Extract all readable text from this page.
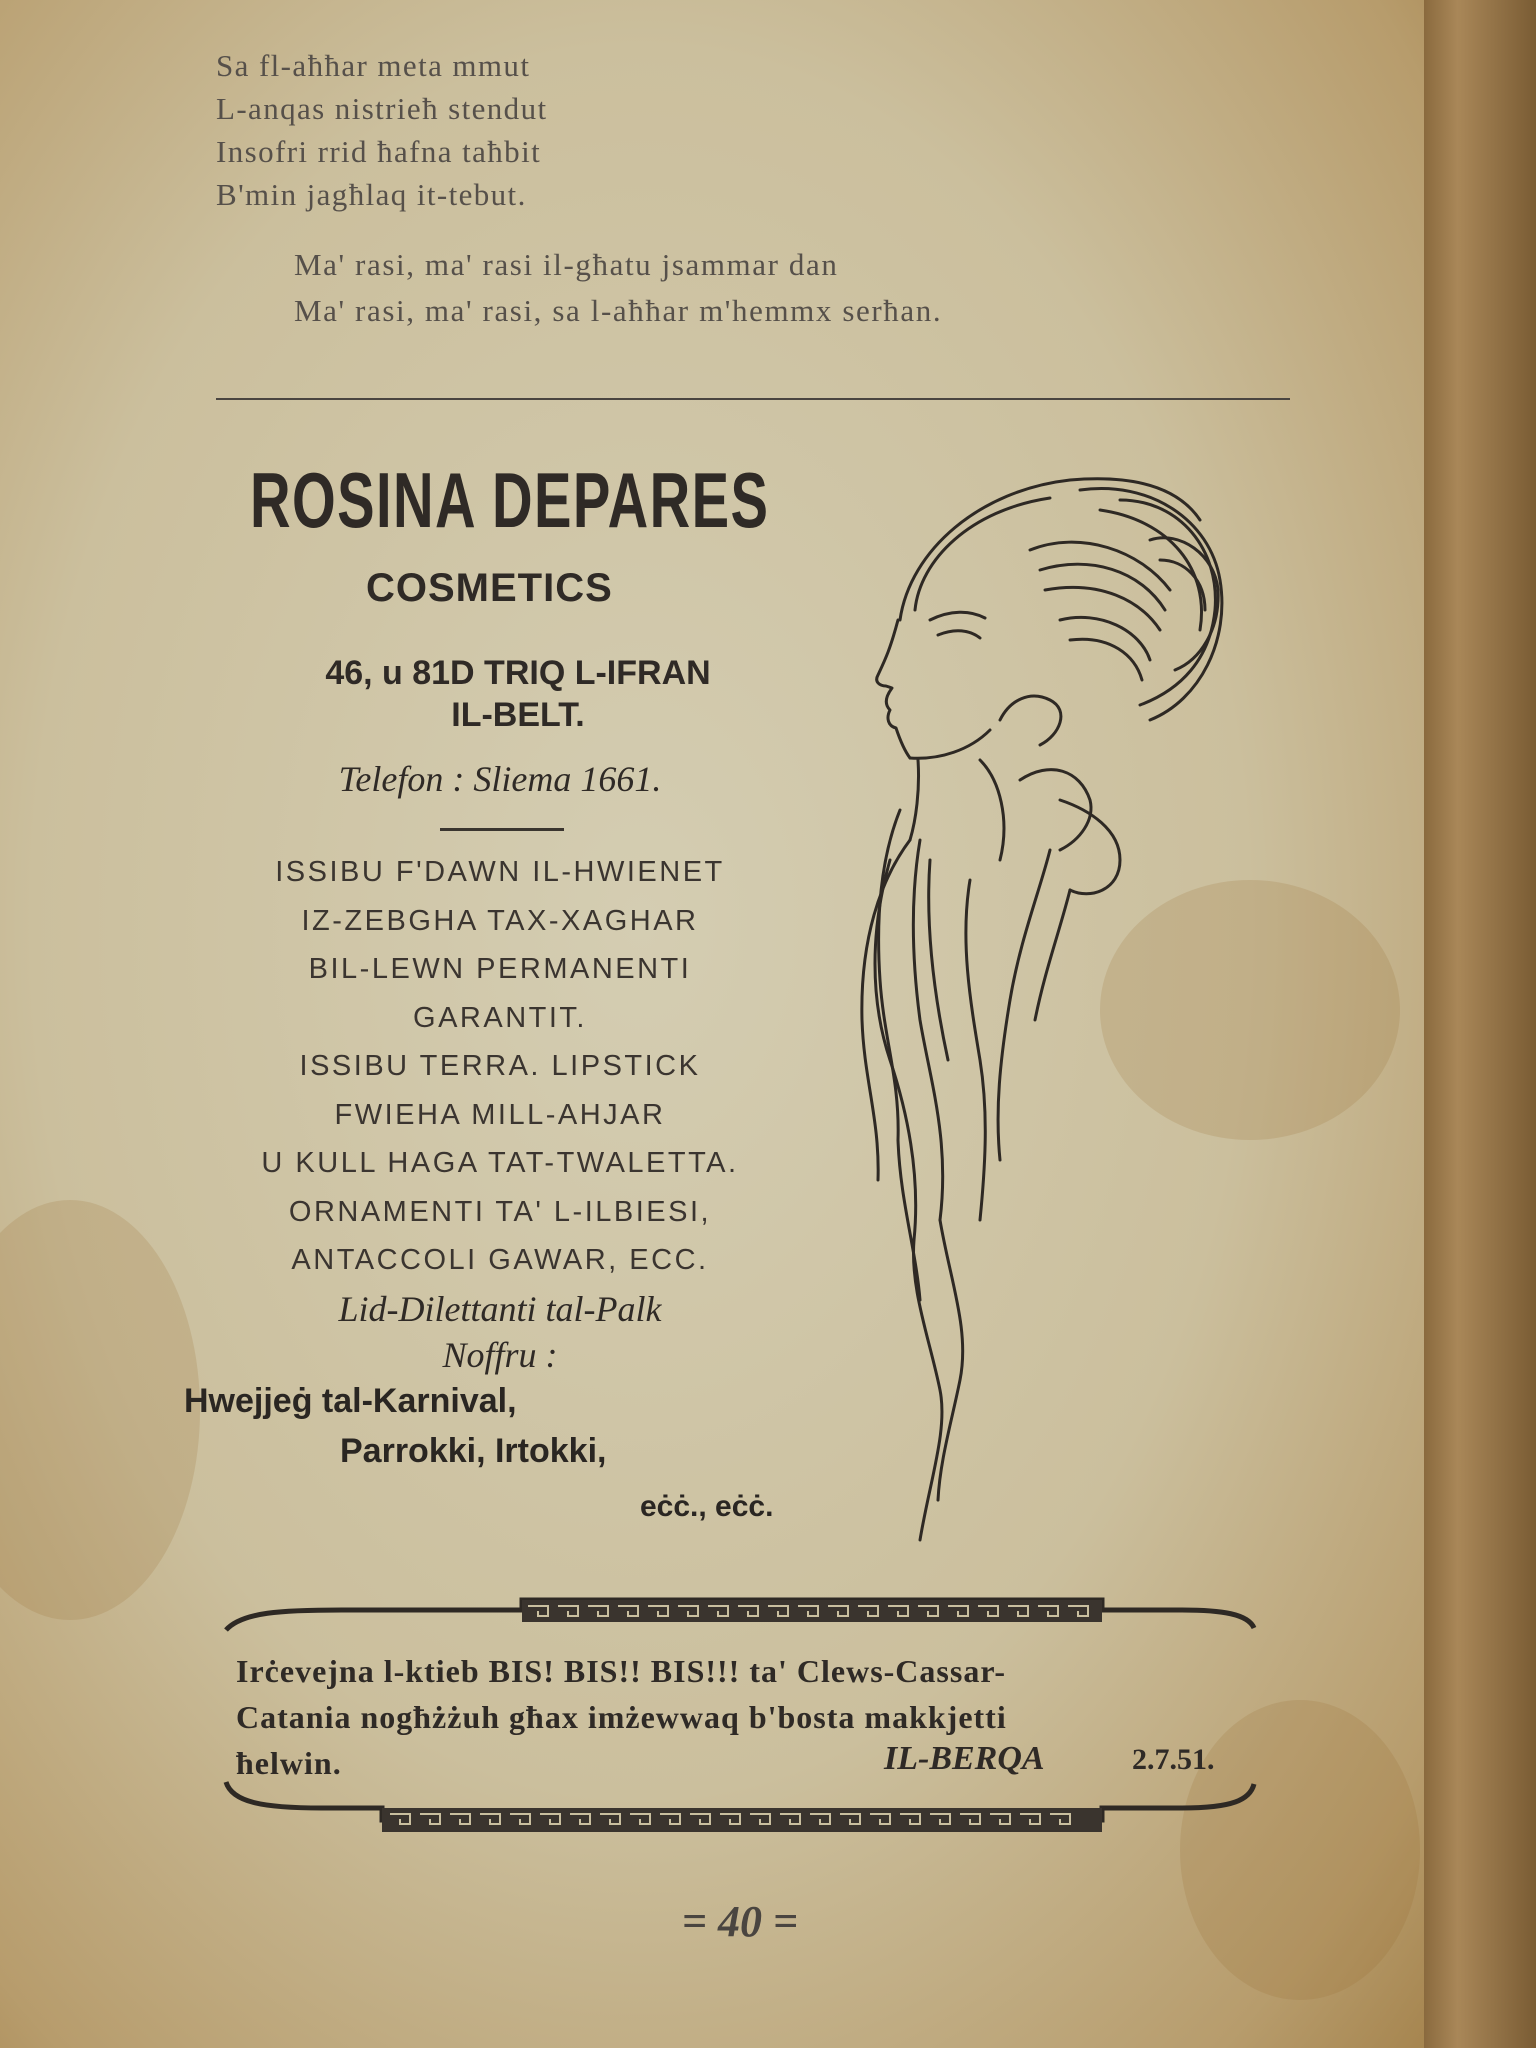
Sa fl-aħħar meta mmut
L-anqas nistrieħ stendut
Insofri rrid ħafna taħbit
B'min jagħlaq it-tebut.
Ma' rasi, ma' rasi il-għatu jsammar dan
Ma' rasi, ma' rasi, sa l-aħħar m'hemmx serħan.
ROSINA DEPARES
COSMETICS
46, u 81D TRIQ L-IFRAN
IL-BELT.
Telefon : Sliema 1661.
ISSIBU F'DAWN IL-HWIENET
IZ-ZEBGHA TAX-XAGHAR
BIL-LEWN PERMANENTI
GARANTIT.
ISSIBU TERRA. LIPSTICK
FWIEHA MILL-AHJAR
U KULL HAGA TAT-TWALETTA.
ORNAMENTI TA' L-ILBIESI,
ANTACCOLI GAWAR, ECC.
Lid-Dilettanti tal-Palk
Noffru :
Hwejjeġ tal-Karnival,
Parrokki, Irtokki,
eċċ., eċċ.
Irċevejna l-ktieb BIS! BIS!! BIS!!! ta' Clews-Cassar-
Catania nogħżżuh għax imżewwaq b'bosta makkjetti
ħelwin.	IL-BERQA	2.7.51.
= 40 =
